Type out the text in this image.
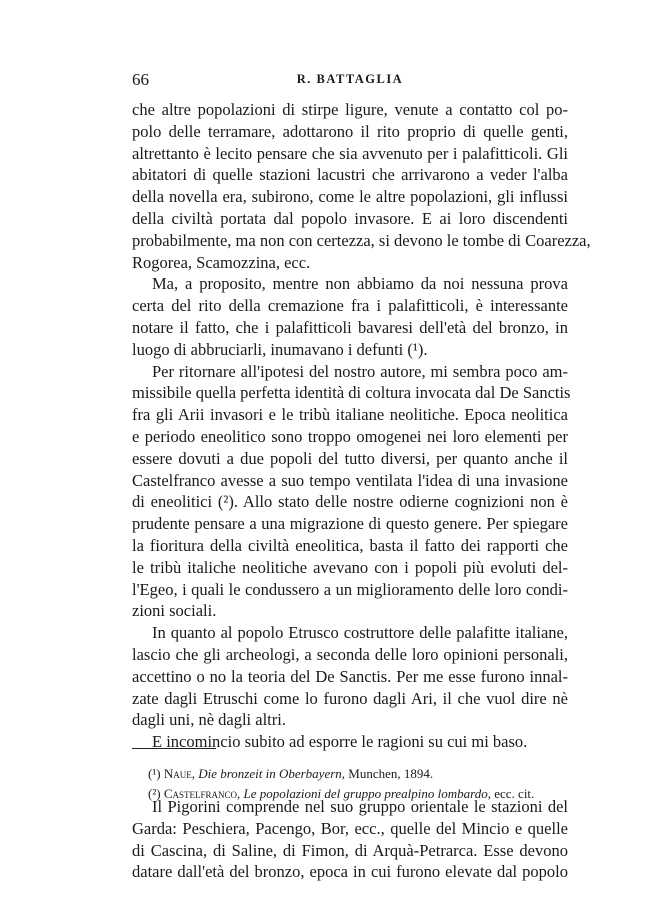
66	R. BATTAGLIA
che altre popolazioni di stirpe ligure, venute a contatto col po-
polo delle terramare, adottarono il rito proprio di quelle genti,
altrettanto è lecito pensare che sia avvenuto per i palafitticoli. Gli
abitatori di quelle stazioni lacustri che arrivarono a veder l'alba
della novella era, subirono, come le altre popolazioni, gli influssi
della civiltà portata dal popolo invasore. E ai loro discendenti
probabilmente, ma non con certezza, si devono le tombe di Coarezza,
Rogorea, Scamozzina, ecc.
Ma, a proposito, mentre non abbiamo da noi nessuna prova
certa del rito della cremazione fra i palafitticoli, è interessante
notare il fatto, che i palafitticoli bavaresi dell'età del bronzo, in
luogo di abbruciarli, inumavano i defunti (¹).
Per ritornare all'ipotesi del nostro autore, mi sembra poco am-
missibile quella perfetta identità di coltura invocata dal De Sanctis
fra gli Arii invasori e le tribù italiane neolitiche. Epoca neolitica
e periodo eneolitico sono troppo omogenei nei loro elementi per
essere dovuti a due popoli del tutto diversi, per quanto anche il
Castelfranco avesse a suo tempo ventilata l'idea di una invasione
di eneolitici (²). Allo stato delle nostre odierne cognizioni non è
prudente pensare a una migrazione di questo genere. Per spiegare
la fioritura della civiltà eneolitica, basta il fatto dei rapporti che
le tribù italiche neolitiche avevano con i popoli più evoluti del-
l'Egeo, i quali le condussero a un miglioramento delle loro condi-
zioni sociali.
In quanto al popolo Etrusco costruttore delle palafitte italiane,
lascio che gli archeologi, a seconda delle loro opinioni personali,
accettino o no la teoria del De Sanctis. Per me esse furono innal-
zate dagli Etruschi come lo furono dagli Ari, il che vuol dire nè
dagli uni, nè dagli altri.
E incomincio subito ad esporre le ragioni su cui mi baso.
Il Pigorini comprende nel suo gruppo orientale le stazioni del
Garda: Peschiera, Pacengo, Bor, ecc., quelle del Mincio e quelle
di Cascina, di Saline, di Fimon, di Arquà-Petrarca. Esse devono
datare dall'età del bronzo, epoca in cui furono elevate dal popolo
(¹) Naue, Die bronzeit in Oberbayern, Munchen, 1894.
(²) Castelfranco, Le popolazioni del gruppo prealpino lombardo, ecc. cit.
